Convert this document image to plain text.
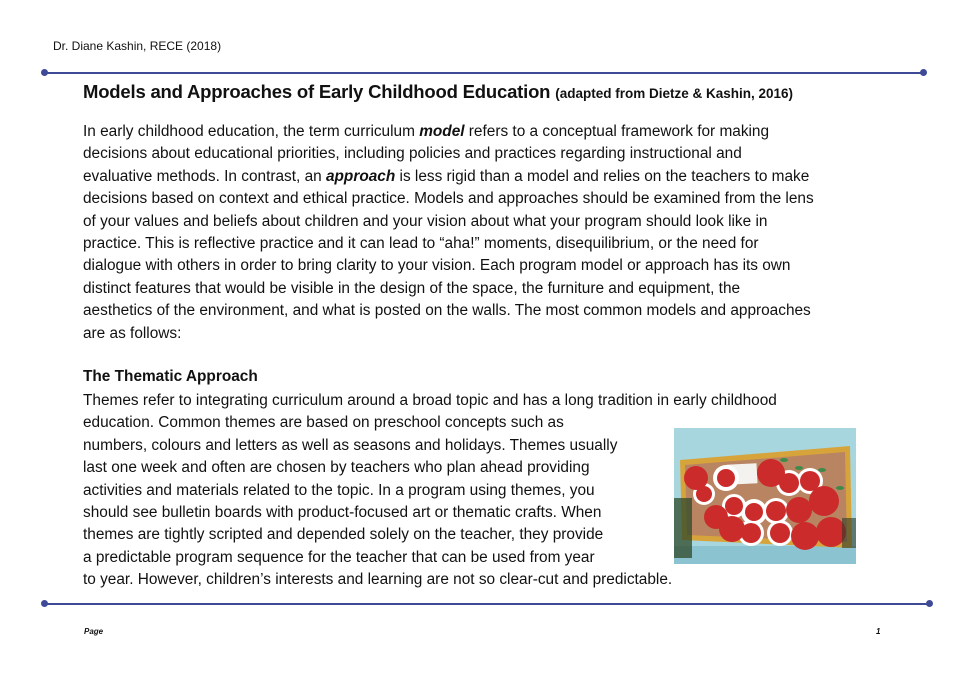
Dr. Diane Kashin, RECE (2018)
Models and Approaches of Early Childhood Education (adapted from Dietze & Kashin, 2016)
In early childhood education, the term curriculum model refers to a conceptual framework for making
decisions about educational priorities, including policies and practices regarding instructional and
evaluative methods. In contrast, an approach is less rigid than a model and relies on the teachers to make
decisions based on context and ethical practice. Models and approaches should be examined from the lens
of your values and beliefs about children and your vision about what your program should look like in
practice. This is reflective practice and it can lead to “aha!” moments, disequilibrium, or the need for
dialogue with others in order to bring clarity to your vision. Each program model or approach has its own
distinct features that would be visible in the design of the space, the furniture and equipment, the
aesthetics of the environment, and what is posted on the walls. The most common models and approaches
are as follows:
The Thematic Approach
Themes refer to integrating curriculum around a broad topic and has a long tradition in early childhood
education. Common themes are based on preschool concepts such as
numbers, colours and letters as well as seasons and holidays. Themes usually
last one week and often are chosen by teachers who plan ahead providing
activities and materials related to the topic. In a program using themes, you
should see bulletin boards with product-focused art or thematic crafts. When
themes are tightly scripted and depended solely on the teacher, they provide
a predictable program sequence for the teacher that can be used from year
to year. However, children’s interests and learning are not so clear-cut and predictable.
Page	1
